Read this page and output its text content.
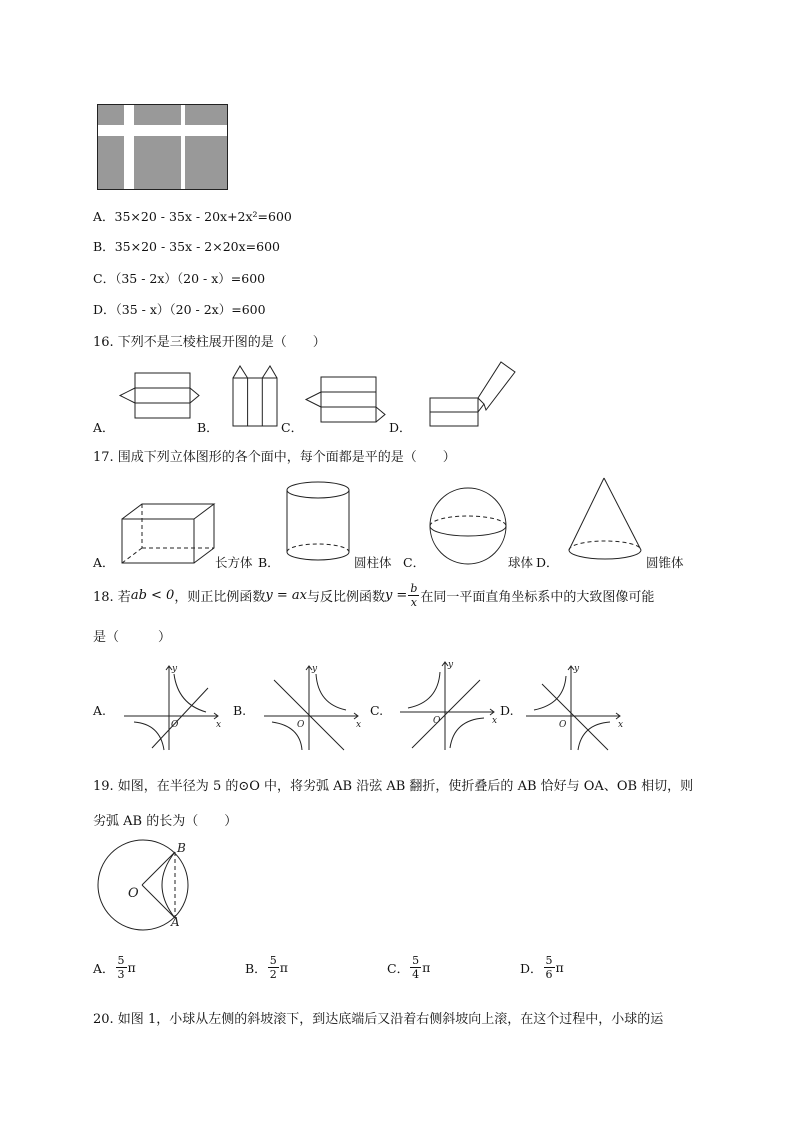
A．35×20 - 35x - 20x+2x²=600
B．35×20 - 35x - 2×20x=600
C．（35 - 2x）（20 - x）=600
D．（35 - x）（20 - 2x）=600
16. 下列不是三棱柱展开图的是（　　）
A．	B．	C．	D．
17. 围成下列立体图形的各个面中，每个面都是平的是（　　）
A．	长方体 B．	圆柱体 C．	球体 D．	圆锥体
18. 若 ab < 0 ，则正比例函数 y = ax 与反比例函数 $y = \frac{b}{x}$ 在同一平面直角坐标系中的大致图像可能
是（　　　）
y
x
O
y
x
O
y
x
O
y
x
O
A.	B.	C.	D.
19. 如图，在半径为 5 的⊙O 中，将劣弧 AB 沿弦 AB 翻折，使折叠后的 AB 恰好与 OA、OB 相切，则
劣弧 AB 的长为（　　）
B
O
A
A． $\frac{5}{3}$ π	B． $\frac{5}{2}$ π	C． $\frac{5}{4}$ π	D． $\frac{5}{6}$ π
20. 如图 1，小球从左侧的斜坡滚下，到达底端后又沿着右侧斜坡向上滚，在这个过程中，小球的运
